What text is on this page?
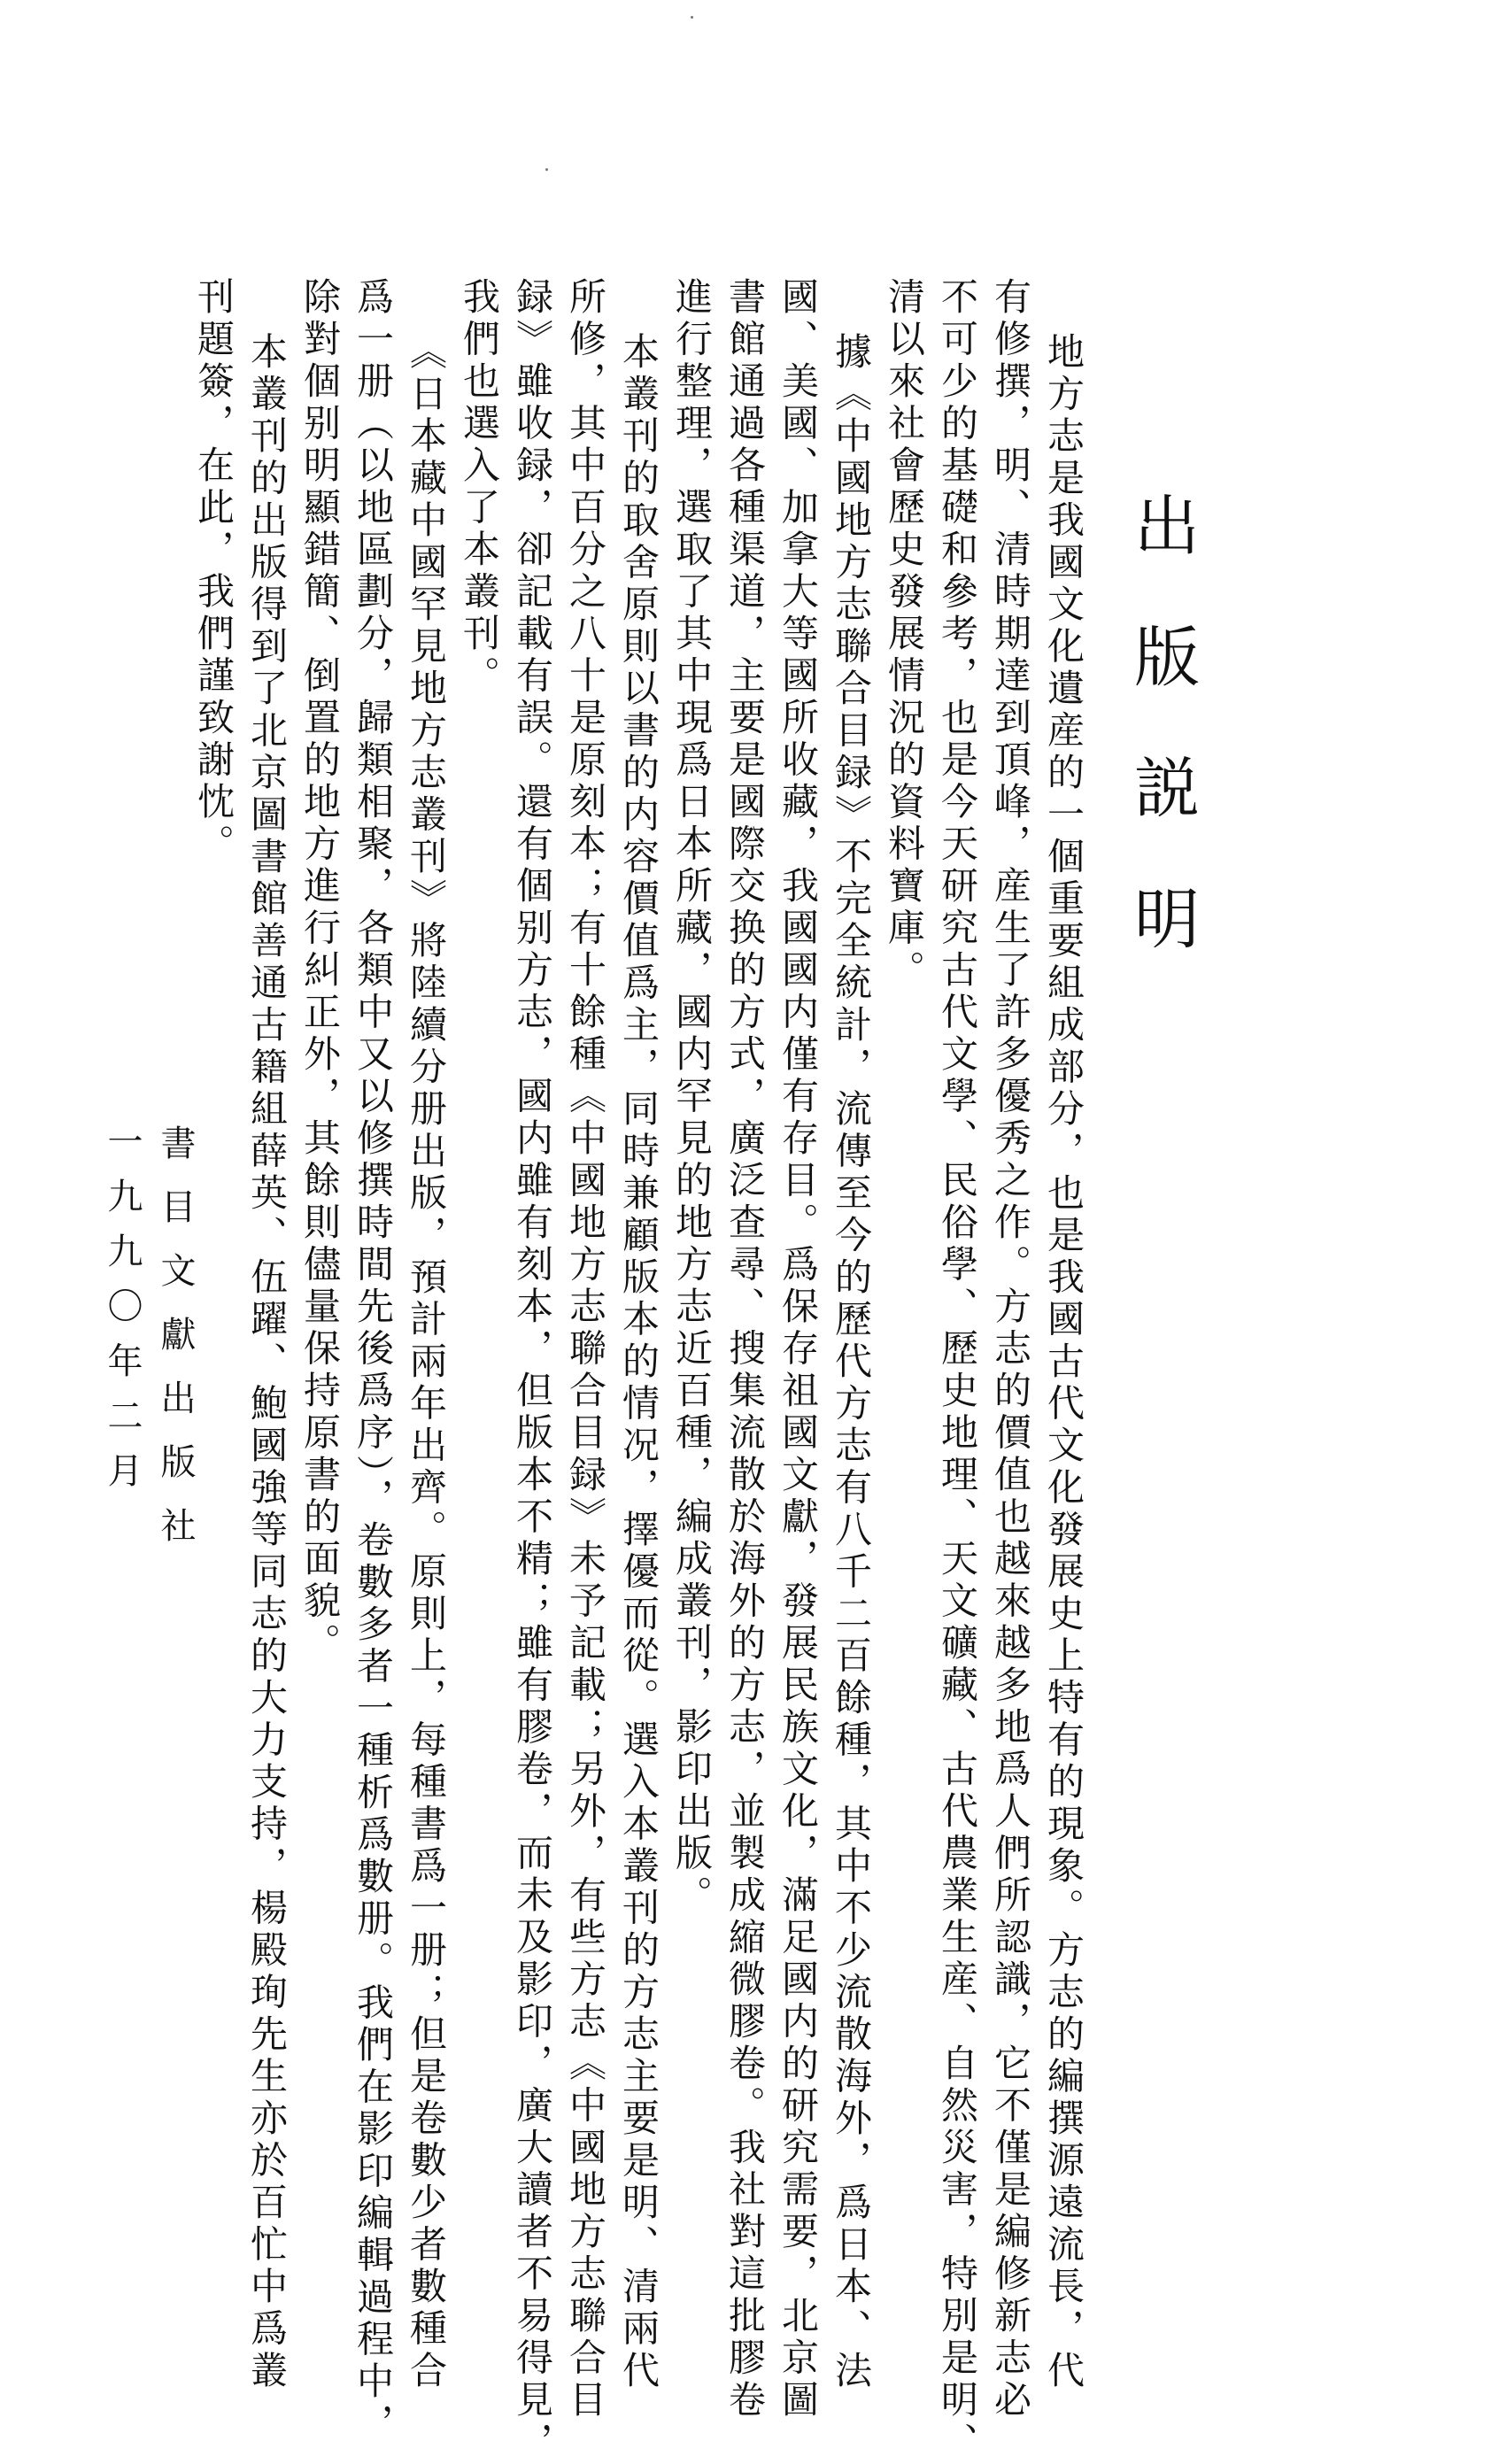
出版説明
地方志是我國文化遺産的一個重要組成部分，也是我國古代文化發展史上特有的現象。方志的編撰源遠流長，代
有修撰，明、清時期達到頂峰，産生了許多優秀之作。方志的價值也越來越多地爲人們所認識，它不僅是編修新志必
不可少的基礎和參考，也是今天研究古代文學、民俗學、歷史地理、天文礦藏、古代農業生産、自然災害，特別是明、
清以來社會歷史發展情況的資料寶庫。
據《中國地方志聯合目録》不完全統計，流傳至今的歷代方志有八千二百餘種，其中不少流散海外，爲日本、法
國、美國、加拿大等國所收藏，我國國内僅有存目。爲保存祖國文獻，發展民族文化，滿足國内的研究需要，北京圖
書館通過各種渠道，主要是國際交换的方式，廣泛查尋、搜集流散於海外的方志，並製成縮微膠卷。我社對這批膠卷
進行整理，選取了其中現爲日本所藏，國内罕見的地方志近百種，編成叢刊，影印出版。
本叢刊的取舍原則以書的内容價值爲主，同時兼顧版本的情况，擇優而從。選入本叢刊的方志主要是明、清兩代
所修，其中百分之八十是原刻本；有十餘種《中國地方志聯合目録》未予記載；另外，有些方志《中國地方志聯合目
録》雖收録，卻記載有誤。還有個别方志，國内雖有刻本，但版本不精；雖有膠卷，而未及影印，廣大讀者不易得見，
我們也選入了本叢刊。
《日本藏中國罕見地方志叢刊》將陸續分册出版，預計兩年出齊。原則上，每種書爲一册；但是卷數少者數種合
爲一册（以地區劃分，歸類相聚，各類中又以修撰時間先後爲序），卷數多者一種析爲數册。我們在影印編輯過程中，
除對個别明顯錯簡、倒置的地方進行糾正外，其餘則儘量保持原書的面貌。
本叢刊的出版得到了北京圖書館善通古籍組薛英、伍躍、鮑國強等同志的大力支持，楊殿珣先生亦於百忙中爲叢
刊題簽，在此，我們謹致謝忱。
書目文獻出版社
一九九〇年二月
